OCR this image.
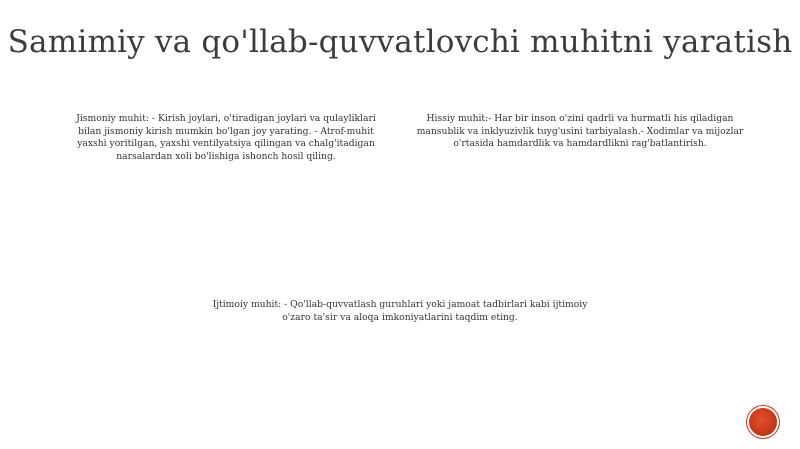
Samimiy va qo'llab-quvvatlovchi muhitni yaratish
Jismoniy muhit: - Kirish joylari, o'tiradigan joylari va qulayliklari bilan jismoniy kirish mumkin bo'lgan joy yarating. - Atrof-muhit yaxshi yoritilgan, yaxshi ventilyatsiya qilingan va chalg'itadigan narsalardan xoli bo'lishiga ishonch hosil qiling.
Hissiy muhit:- Har bir inson o'zini qadrli va hurmatli his qiladigan mansublik va inklyuzivlik tuyg'usini tarbiyalash.- Xodimlar va mijozlar o'rtasida hamdardlik va hamdardlikni rag'batlantirish.
Ijtimoiy muhit: - Qo'llab-quvvatlash guruhlari yoki jamoat tadbirlari kabi ijtimoiy o'zaro ta'sir va aloqa imkoniyatlarini taqdim eting.
